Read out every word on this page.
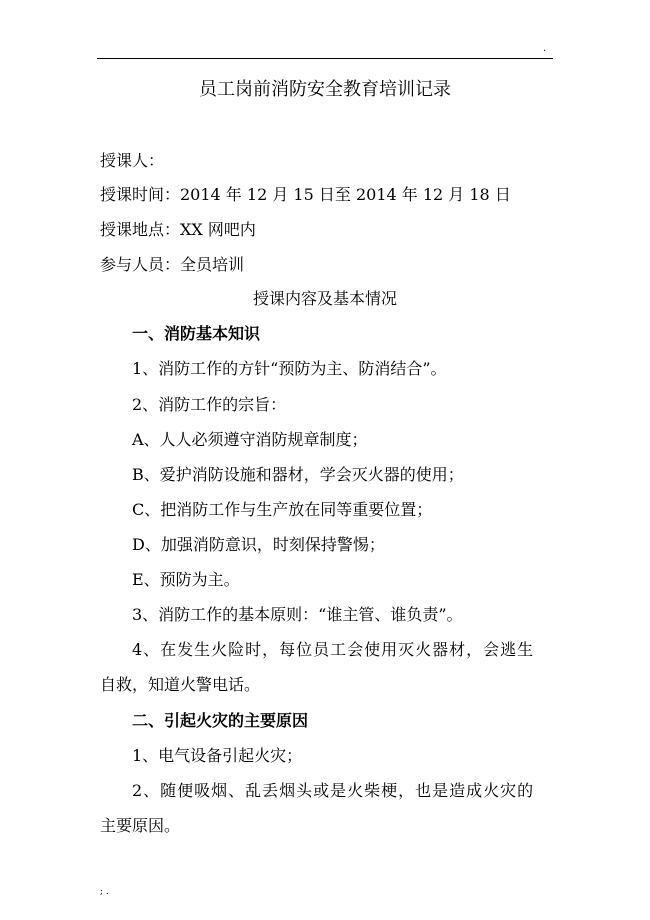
.
员工岗前消防安全教育培训记录
授课人：
授课时间：2014 年 12 月 15 日至 2014 年 12 月 18 日
授课地点：XX 网吧内
参与人员：全员培训
授课内容及基本情况
一、消防基本知识
1、消防工作的方针“预防为主、防消结合”。
2、消防工作的宗旨：
A、人人必须遵守消防规章制度；
B、爱护消防设施和器材，学会灭火器的使用；
C、把消防工作与生产放在同等重要位置；
D、加强消防意识，时刻保持警惕；
E、预防为主。
3、消防工作的基本原则：“谁主管、谁负责”。
4、在发生火险时，每位员工会使用灭火器材，会逃生
自救，知道火警电话。
二、引起火灾的主要原因
1、电气设备引起火灾；
2、随便吸烟、乱丢烟头或是火柴梗，也是造成火灾的
主要原因。
; .
